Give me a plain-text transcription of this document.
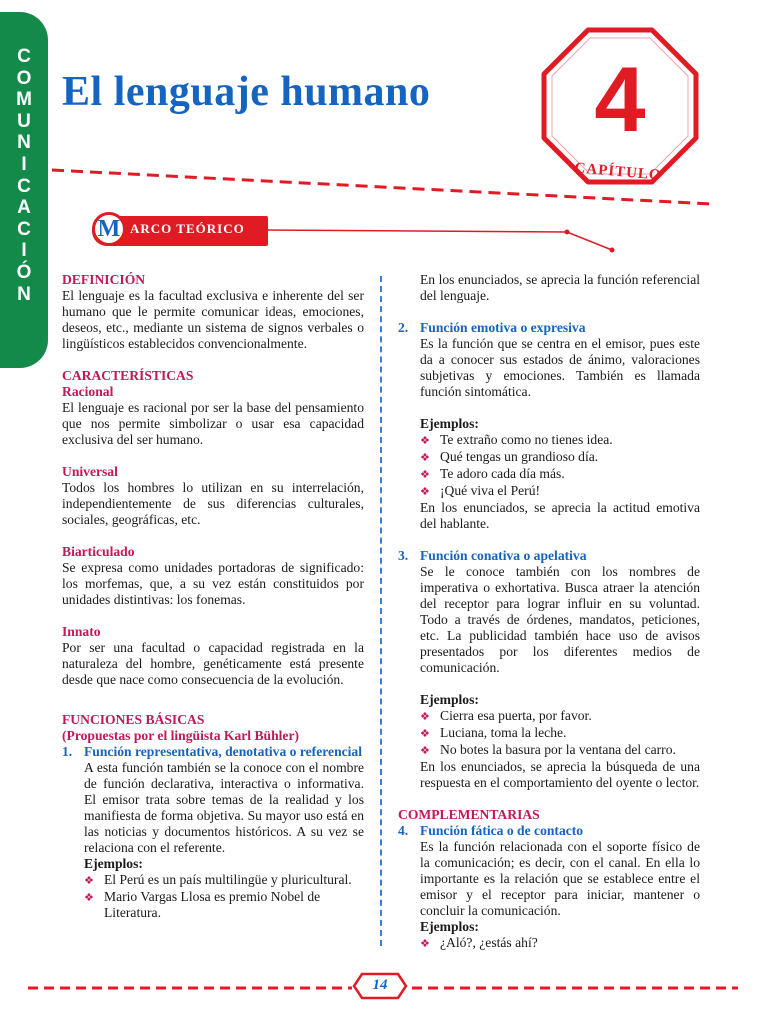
C
O
M
U
N
I
C
A
C
I
Ó
N
El lenguaje humano	4
CAPÍTULO
M ARCO TEÓRICO
DEFINICIÓN

El lenguaje es la facultad exclusiva e inherente del ser humano que le permite comunicar ideas, emociones, deseos, etc., mediante un sistema de signos verbales o lingüísticos establecidos convencionalmente.

CARACTERÍSTICAS
Racional

El lenguaje es racional por ser la base del pensamiento que nos permite simbolizar o usar esa capacidad exclusiva del ser humano.

Universal

Todos los hombres lo utilizan en su interrelación, independientemente de sus diferencias culturales, sociales, geográficas, etc.

Biarticulado

Se expresa como unidades portadoras de significado: los morfemas, que, a su vez están constituidos por unidades distintivas: los fonemas.

Innato

Por ser una facultad o capacidad registrada en la naturaleza del hombre, genéticamente está presente desde que nace como consecuencia de la evolución.

FUNCIONES BÁSICAS
(Propuestas por el lingüista Karl Bühler)
1. Función representativa, denotativa o referencial

A esta función también se la conoce con el nombre de función declarativa, interactiva o informativa. El emisor trata sobre temas de la realidad y los manifiesta de forma objetiva. Su mayor uso está en las noticias y documentos históricos. A su vez se relaciona con el referente.

Ejemplos:
❖ El Perú es un país multilingüe y pluricultural.
❖ Mario Vargas Llosa es premio Nobel de Literatura.

En los enunciados, se aprecia la función referencial del lenguaje.

2. Función emotiva o expresiva

Es la función que se centra en el emisor, pues este da a conocer sus estados de ánimo, valoraciones subjetivas y emociones. También es llamada función sintomática.

Ejemplos:
❖ Te extraño como no tienes idea.
❖ Qué tengas un grandioso día.
❖ Te adoro cada día más.
❖ ¡Qué viva el Perú!

En los enunciados, se aprecia la actitud emotiva del hablante.

3. Función conativa o apelativa

Se le conoce también con los nombres de imperativa o exhortativa. Busca atraer la atención del receptor para lograr influir en su voluntad. Todo a través de órdenes, mandatos, peticiones, etc. La publicidad también hace uso de avisos presentados por los diferentes medios de comunicación.

Ejemplos:
❖ Cierra esa puerta, por favor.
❖ Luciana, toma la leche.
❖ No botes la basura por la ventana del carro.

En los enunciados, se aprecia la búsqueda de una respuesta en el comportamiento del oyente o lector.

COMPLEMENTARIAS
4. Función fática o de contacto

Es la función relacionada con el soporte físico de la comunicación; es decir, con el canal. En ella lo importante es la relación que se establece entre el emisor y el receptor para iniciar, mantener o concluir la comunicación.

Ejemplos:
❖ ¿Aló?, ¿estás ahí?
14
